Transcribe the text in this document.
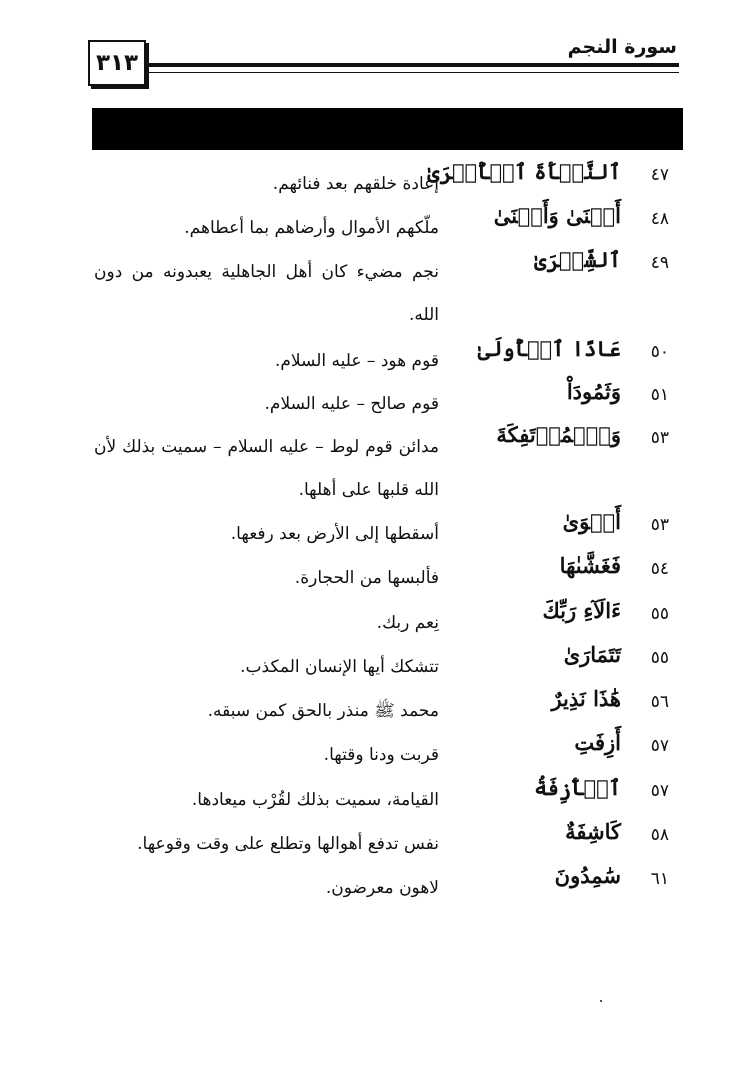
٣١٣
سورة النجم
٤٧
ٱلنَّشۡأَةَ ٱلۡأُخۡرَىٰ
إعادة خلقهم بعد فنائهم.
٤٨
أَغۡنَىٰ وَأَقۡنَىٰ
ملّكهم الأموال وأرضاهم بما أعطاهم.
٤٩
ٱلشِّعۡرَىٰ
نجم مضيء كان أهل الجاهلية يعبدونه من دون الله.
٥٠
عَادًا ٱلۡأُولَىٰ
قوم هود – عليه السلام.
٥١
وَثَمُودَاْ
قوم صالح – عليه السلام.
٥٣
وَٱلۡمُؤۡتَفِكَةَ
مدائن قوم لوط – عليه السلام – سميت بذلك لأن الله قلبها على أهلها.
٥٣
أَهۡوَىٰ
أسقطها إلى الأرض بعد رفعها.
٥٤
فَغَشَّىٰهَا
فألبسها من الحجارة.
٥٥
ءَالَآءِ رَبِّكَ
نِعم ربك.
٥٥
تَتَمَارَىٰ
تتشكك أيها الإنسان المكذب.
٥٦
هَٰذَا نَذِيرٌ
محمد ﷺ منذر بالحق كمن سبقه.
٥٧
أَزِفَتِ
قربت ودنا وقتها.
٥٧
ٱلۡأٓزِفَةُ
القيامة، سميت بذلك لقُرْب ميعادها.
٥٨
كَاشِفَةٌ
نفس تدفع أهوالها وتطلع على وقت وقوعها.
٦١
سَٰمِدُونَ
لاهون معرضون.
